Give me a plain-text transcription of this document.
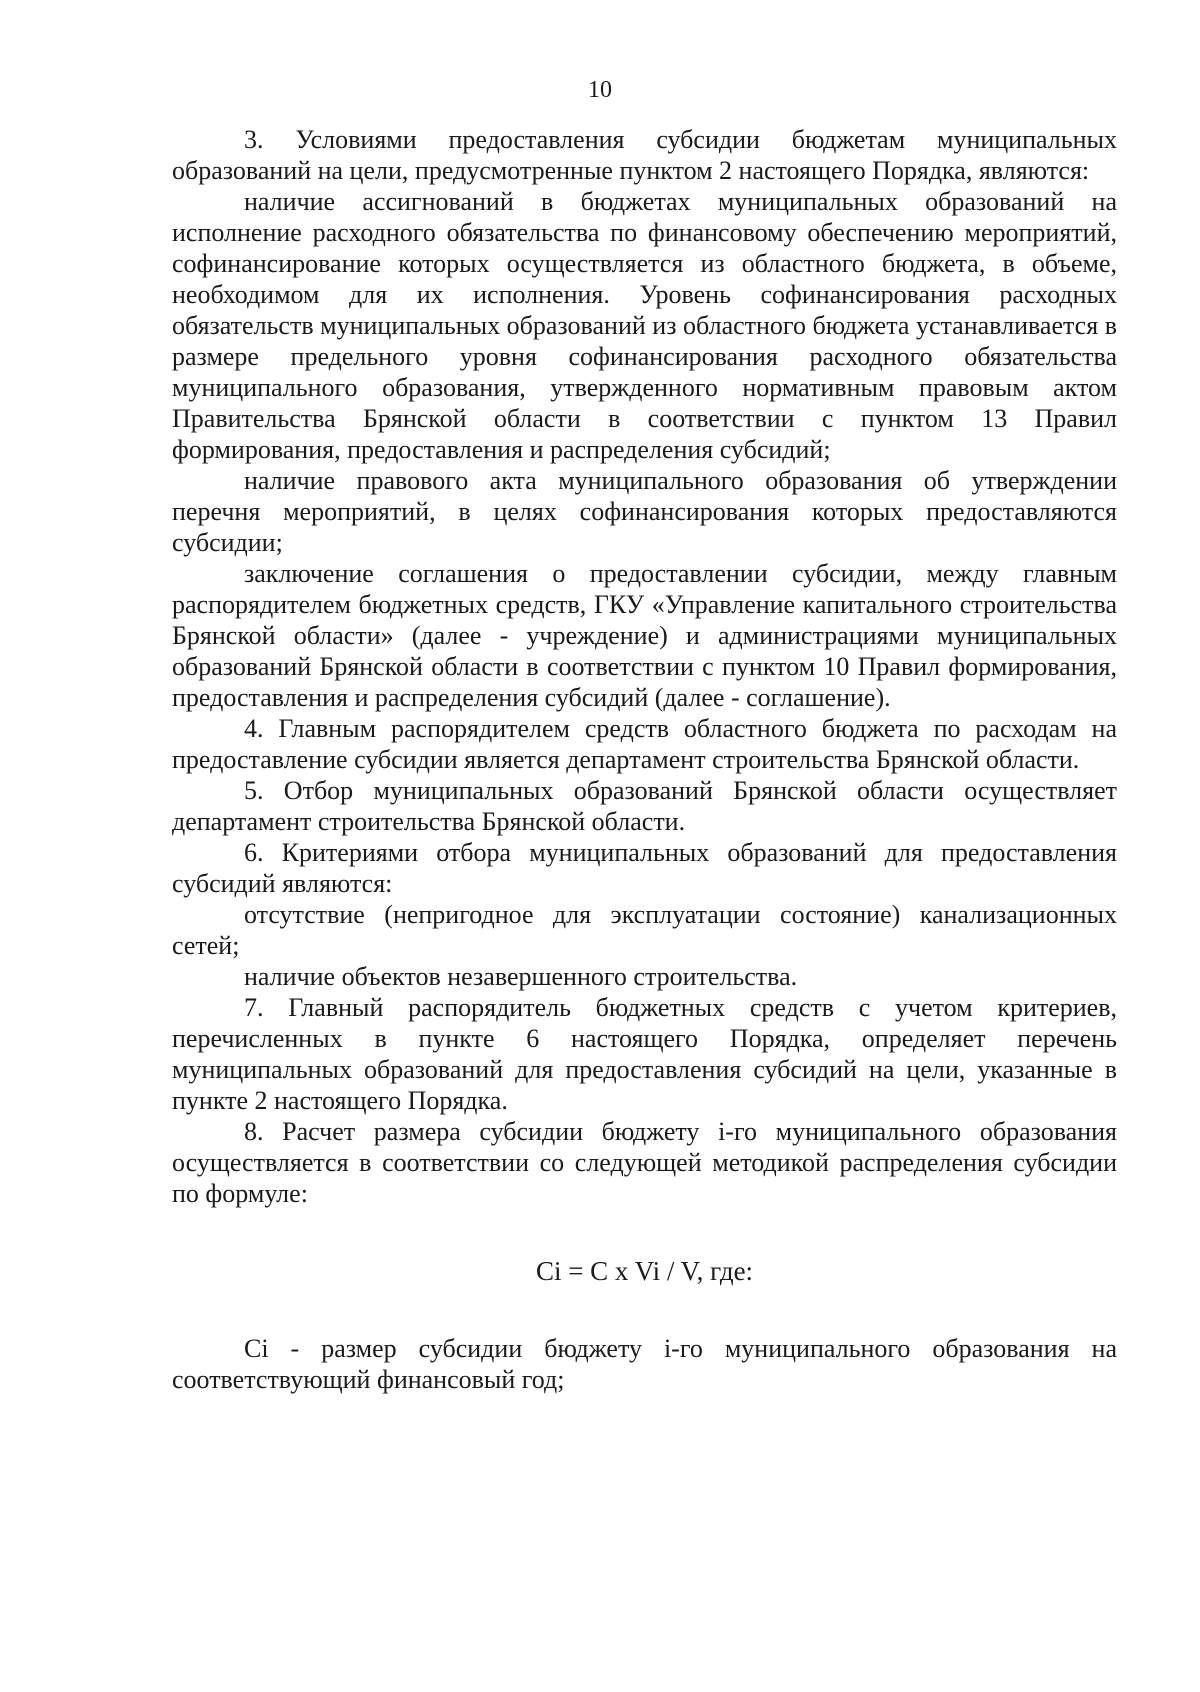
10

3. Условиями предоставления субсидии бюджетам муниципальных образований на цели, предусмотренные пунктом 2 настоящего Порядка, являются:

наличие ассигнований в бюджетах муниципальных образований на исполнение расходного обязательства по финансовому обеспечению мероприятий, софинансирование которых осуществляется из областного бюджета, в объеме, необходимом для их исполнения. Уровень софинансирования расходных обязательств муниципальных образований из областного бюджета устанавливается в размере предельного уровня софинансирования расходного обязательства муниципального образования, утвержденного нормативным правовым актом Правительства Брянской области в соответствии с пунктом 13 Правил формирования, предоставления и распределения субсидий;

наличие правового акта муниципального образования об утверждении перечня мероприятий, в целях софинансирования которых предоставляются субсидии;

заключение соглашения о предоставлении субсидии, между главным распорядителем бюджетных средств, ГКУ «Управление капитального строительства Брянской области» (далее - учреждение) и администрациями муниципальных образований Брянской области в соответствии с пунктом 10 Правил формирования, предоставления и распределения субсидий (далее - соглашение).

4. Главным распорядителем средств областного бюджета по расходам на предоставление субсидии является департамент строительства Брянской области.

5. Отбор муниципальных образований Брянской области осуществляет департамент строительства Брянской области.

6. Критериями отбора муниципальных образований для предоставления субсидий являются:

отсутствие (непригодное для эксплуатации состояние) канализационных сетей;

наличие объектов незавершенного строительства.

7. Главный распорядитель бюджетных средств с учетом критериев, перечисленных в пункте 6 настоящего Порядка, определяет перечень муниципальных образований для предоставления субсидий на цели, указанные в пункте 2 настоящего Порядка.

8. Расчет размера субсидии бюджету i-го муниципального образования осуществляется в соответствии со следующей методикой распределения субсидии по формуле:

Ci = C x Vi / V, где:

Ci - размер субсидии бюджету i-го муниципального образования на соответствующий финансовый год;
